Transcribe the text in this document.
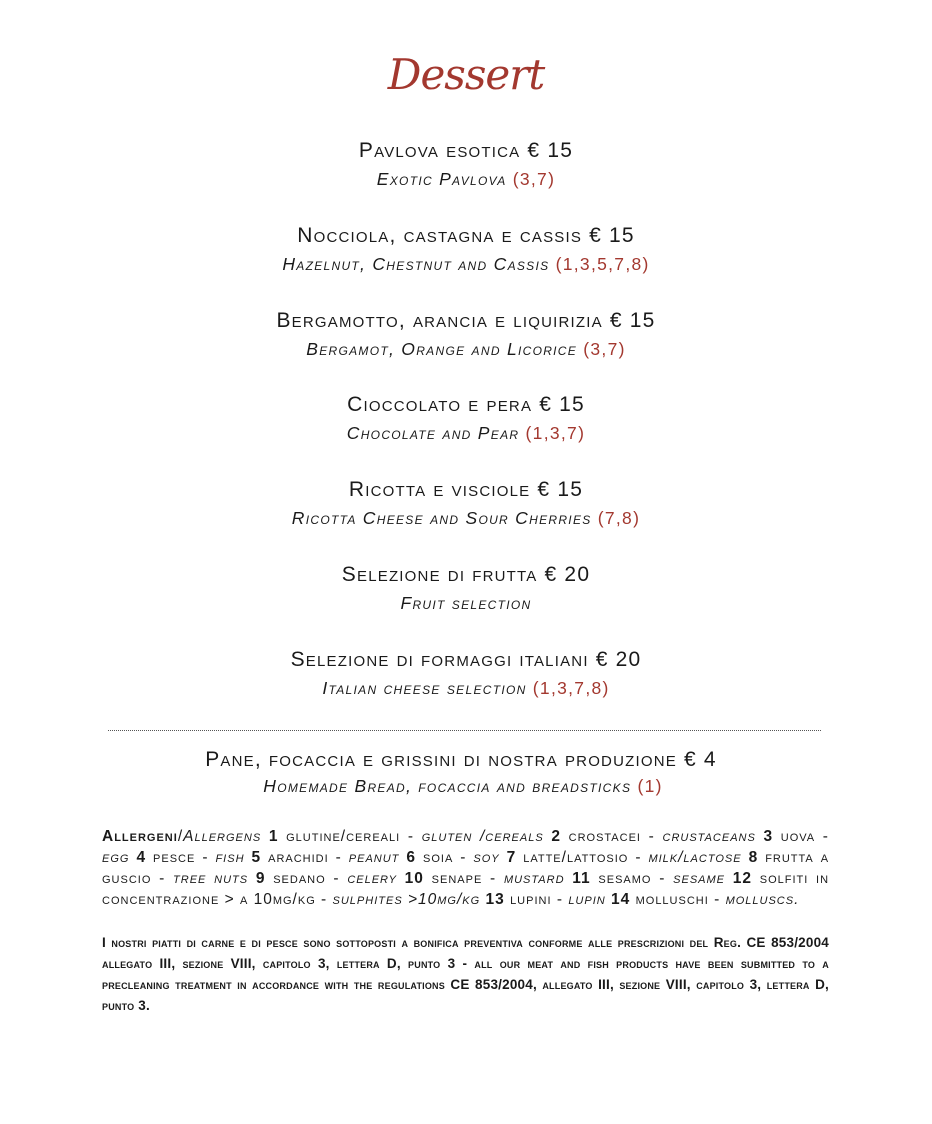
Dessert
Pavlova esotica € 15
Exotic Pavlova (3,7)
Nocciola, castagna e cassis € 15
Hazelnut, Chestnut and Cassis (1,3,5,7,8)
Bergamotto, arancia e liquirizia € 15
Bergamot, Orange and Licorice (3,7)
Cioccolato e pera € 15
Chocolate and Pear (1,3,7)
Ricotta e visciole € 15
Ricotta Cheese and Sour Cherries (7,8)
Selezione di frutta € 20
Fruit selection
Selezione di formaggi italiani € 20
Italian cheese selection (1,3,7,8)
Pane, focaccia e grissini di nostra produzione € 4
Homemade Bread, focaccia and breadsticks (1)

Allergeni/Allergens 1 glutine/cereali - gluten /cereals 2 crostacei - crustaceans 3 uova - egg 4 pesce - fish 5 arachidi - peanut 6 soia - soy 7 latte/lattosio - milk/lactose 8 frutta a guscio - tree nuts 9 sedano - celery 10 senape - mustard 11 sesamo - sesame 12 solfiti in concentrazione > a 10mg/kg - sulphites >10mg/kg 13 lupini - lupin 14 molluschi - molluscs.

I nostri piatti di carne e di pesce sono sottoposti a bonifica preventiva conforme alle prescrizioni del Reg. CE 853/2004 allegato III, sezione VIII, capitolo 3, lettera D, punto 3 - all our meat and fish products have been submitted to a precleaning treatment in accordance with the regulations CE 853/2004, allegato III, sezione VIII, capitolo 3, lettera D, punto 3.
